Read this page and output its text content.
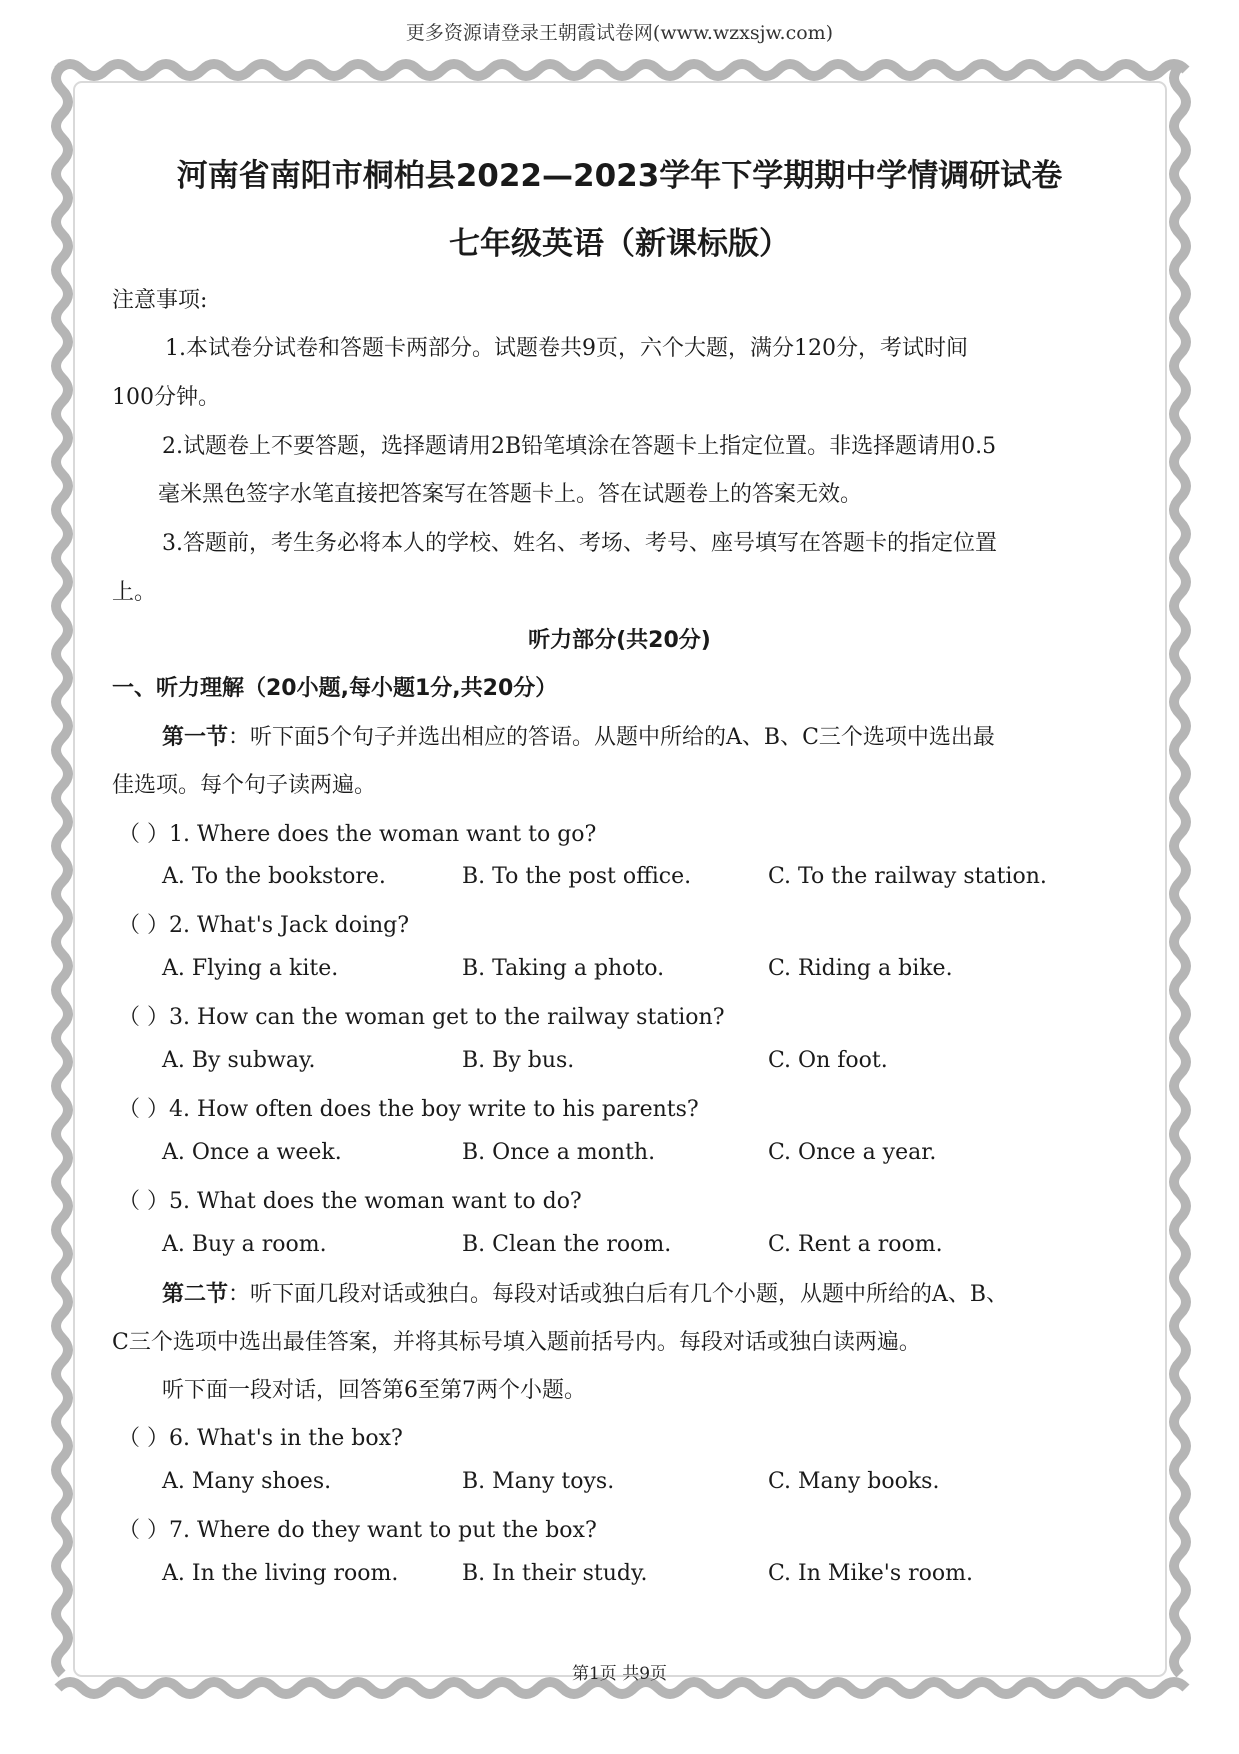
更多资源请登录王朝霞试卷网(www.wzxsjw.com)
河南省南阳市桐柏县2022—2023学年下学期期中学情调研试卷
七年级英语（新课标版）
注意事项:
1.本试卷分试卷和答题卡两部分。试题卷共9页，六个大题，满分120分，考试时间
100分钟。
2.试题卷上不要答题，选择题请用2B铅笔填涂在答题卡上指定位置。非选择题请用0.5
毫米黑色签字水笔直接把答案写在答题卡上。答在试题卷上的答案无效。
3.答题前，考生务必将本人的学校、姓名、考场、考号、座号填写在答题卡的指定位置
上。
听力部分(共20分)
一、听力理解（20小题,每小题1分,共20分）
第一节：听下面5个句子并选出相应的答语。从题中所给的A、B、C三个选项中选出最
佳选项。每个句子读两遍。
（ ）1. Where does the woman want to go?
A. To the bookstore.	B. To the post office.	C. To the railway station.
（ ）2. What's Jack doing?
A. Flying a kite.	B. Taking a photo.	C. Riding a bike.
（ ）3. How can the woman get to the railway station?
A. By subway.	B. By bus.	C. On foot.
（ ）4. How often does the boy write to his parents?
A. Once a week.	B. Once a month.	C. Once a year.
（ ）5. What does the woman want to do?
A. Buy a room.	B. Clean the room.	C. Rent a room.
第二节：听下面几段对话或独白。每段对话或独白后有几个小题，从题中所给的A、B、
C三个选项中选出最佳答案，并将其标号填入题前括号内。每段对话或独白读两遍。
听下面一段对话，回答第6至第7两个小题。
（ ）6. What's in the box?
A. Many shoes.	B. Many toys.	C. Many books.
（ ）7. Where do they want to put the box?
A. In the living room.	B. In their study.	C. In Mike's room.
第1页 共9页
